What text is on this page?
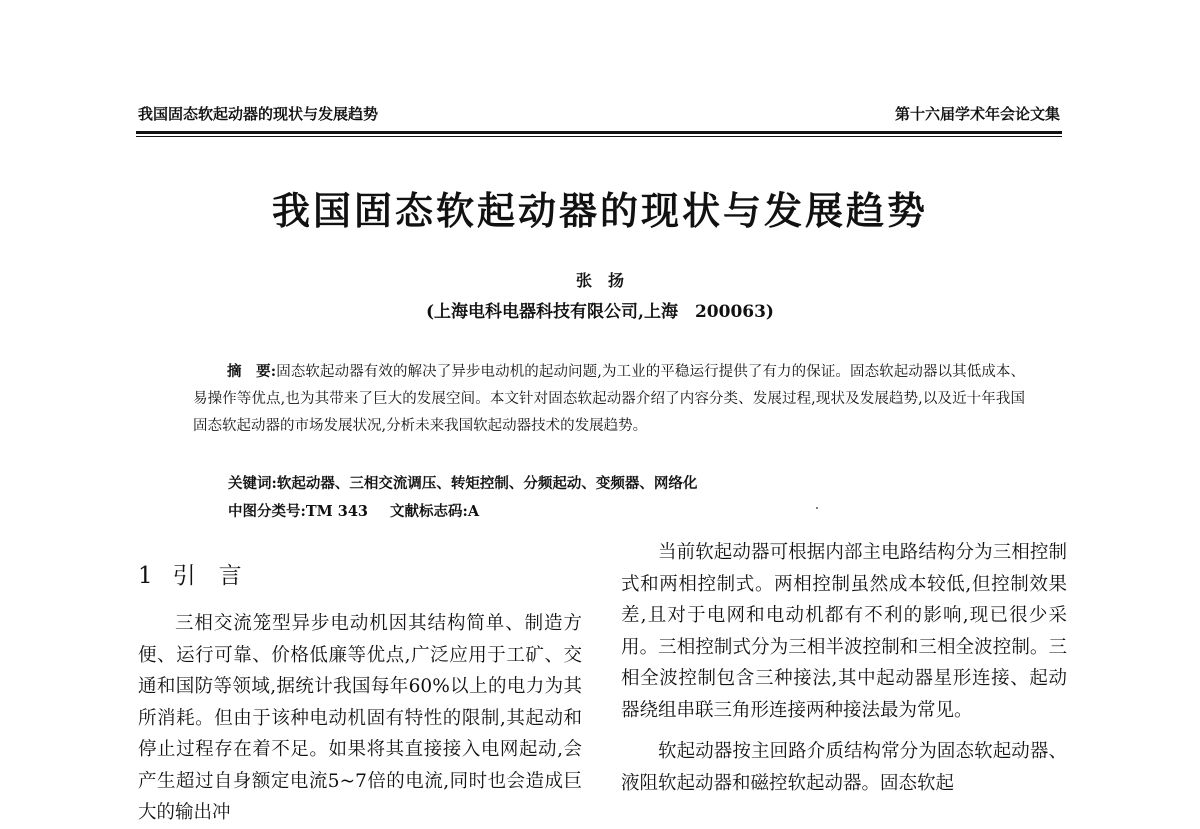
我国固态软起动器的现状与发展趋势	第十六届学术年会论文集
我国固态软起动器的现状与发展趋势
张　扬
(上海电科电器科技有限公司,上海　200063)

摘　要:固态软起动器有效的解决了异步电动机的起动问题,为工业的平稳运行提供了有力的保证。固态软起动器以其低成本、易操作等优点,也为其带来了巨大的发展空间。本文针对固态软起动器介绍了内容分类、发展过程,现状及发展趋势,以及近十年我国固态软起动器的市场发展状况,分析未来我国软起动器技术的发展趋势。

关键词:软起动器、三相交流调压、转矩控制、分频起动、变频器、网络化

中图分类号:TM 343 文献标志码:A

1 引　言

三相交流笼型异步电动机因其结构简单、制造方便、运行可靠、价格低廉等优点,广泛应用于工矿、交通和国防等领域,据统计我国每年60%以上的电力为其所消耗。但由于该种电动机固有特性的限制,其起动和停止过程存在着不足。如果将其直接接入电网起动,会产生超过自身额定电流5~7倍的电流,同时也会造成巨大的输出冲

当前软起动器可根据内部主电路结构分为三相控制式和两相控制式。两相控制虽然成本较低,但控制效果差,且对于电网和电动机都有不利的影响,现已很少采用。三相控制式分为三相半波控制和三相全波控制。三相全波控制包含三种接法,其中起动器星形连接、起动器绕组串联三角形连接两种接法最为常见。

软起动器按主回路介质结构常分为固态软起动器、液阻软起动器和磁控软起动器。固态软起
